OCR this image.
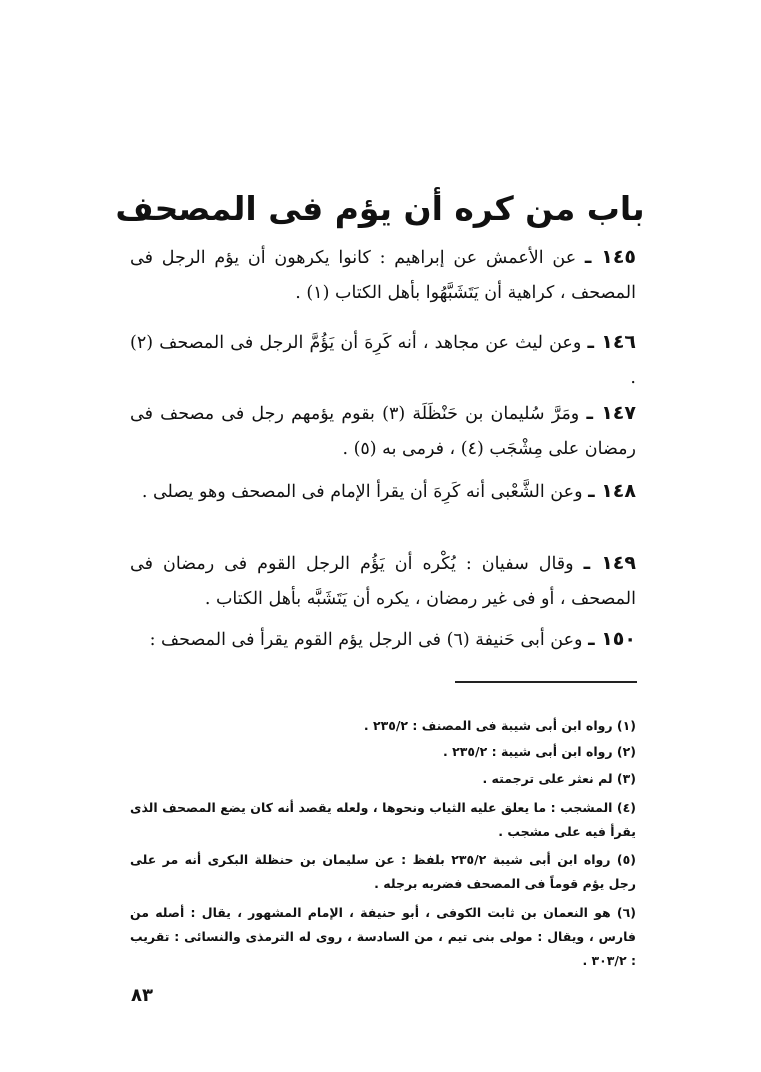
باب من كره أن يؤم فى المصحف

١٤٥ ـ عن الأعمش عن إبراهيم : كانوا يكرهون أن يؤم الرجل فى المصحف ، كراهية أن يَتَشَبَّهُوا بأهل الكتاب (١) .

١٤٦ ـ وعن ليث عن مجاهد ، أنه كَرِهَ أن يَؤُمَّ الرجل فى المصحف (٢) .

١٤٧ ـ ومَرَّ سُليمان بن حَنْظَلَة (٣) بقوم يؤمهم رجل فى مصحف فى رمضان على مِشْجَب (٤) ، فرمى به (٥) .

١٤٨ ـ وعن الشَّعْبى أنه كَرِهَ أن يقرأ الإمام فى المصحف وهو يصلى .

١٤٩ ـ وقال سفيان : يُكْره أن يَؤُم الرجل القوم فى رمضان فى المصحف ، أو فى غير رمضان ، يكره أن يَتَشَبَّه بأهل الكتاب .

١٥٠ ـ وعن أبى حَنيفة (٦) فى الرجل يؤم القوم يقرأ فى المصحف :

(١) رواه ابن أبى شيبة فى المصنف : ٢٣٥/٢ .
(٢) رواه ابن أبى شيبة : ٢٣٥/٢ .
(٣) لم نعثر على ترجمته .
(٤) المشجب : ما يعلق عليه الثياب ونحوها ، ولعله يقصد أنه كان يضع المصحف الذى يقرأ فيه على مشجب .
(٥) رواه ابن أبى شيبة ٢٣٥/٢ بلفظ : عن سليمان بن حنظلة البكرى أنه مر على رجل يؤم قوماً فى المصحف فضربه برجله .
(٦) هو النعمان بن ثابت الكوفى ، أبو حنيفة ، الإمام المشهور ، يقال : أصله من فارس ، ويقال : مولى بنى تيم ، من السادسة ، روى له الترمذى والنسائى : تقريب : ٣٠٣/٢ .
٨٣
